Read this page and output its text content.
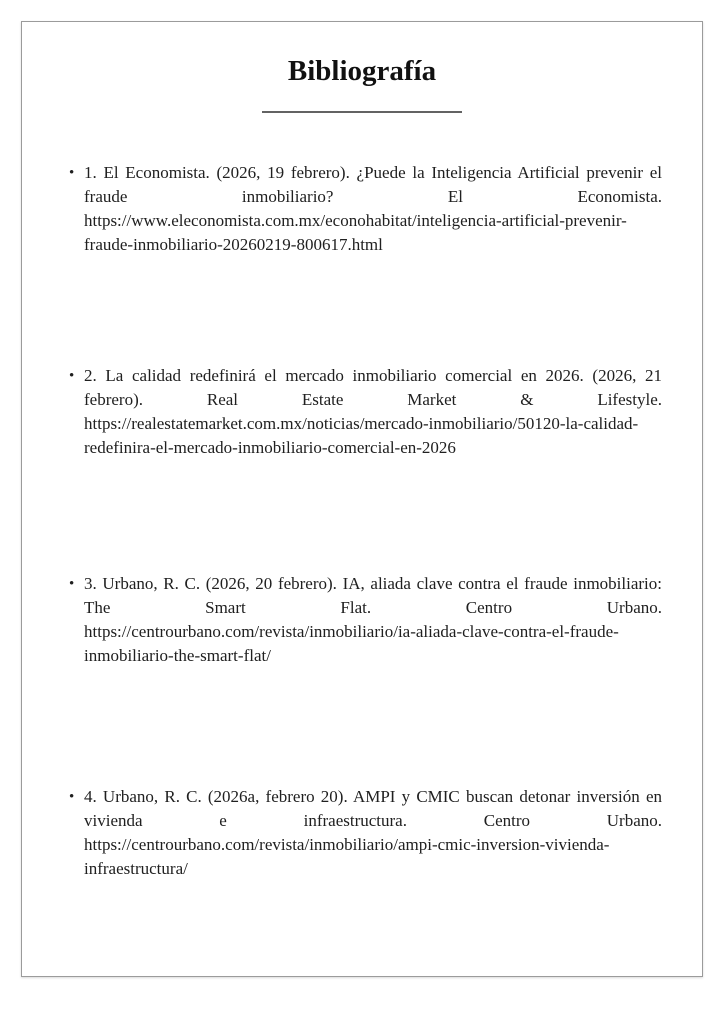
Bibliografía
• 1. El Economista. (2026, 19 febrero). ¿Puede la Inteligencia Artificial prevenir el fraude inmobiliario? El Economista. https://www.eleconomista.com.mx/econohabitat/inteligencia-artificial-prevenir-fraude-inmobiliario-20260219-800617.html
• 2. La calidad redefinirá el mercado inmobiliario comercial en 2026. (2026, 21 febrero). Real Estate Market & Lifestyle. https://realestatemarket.com.mx/noticias/mercado-inmobiliario/50120-la-calidad-redefinira-el-mercado-inmobiliario-comercial-en-2026
• 3. Urbano, R. C. (2026, 20 febrero). IA, aliada clave contra el fraude inmobiliario: The Smart Flat. Centro Urbano. https://centrourbano.com/revista/inmobiliario/ia-aliada-clave-contra-el-fraude-inmobiliario-the-smart-flat/
• 4. Urbano, R. C. (2026a, febrero 20). AMPI y CMIC buscan detonar inversión en vivienda e infraestructura. Centro Urbano. https://centrourbano.com/revista/inmobiliario/ampi-cmic-inversion-vivienda-infraestructura/
